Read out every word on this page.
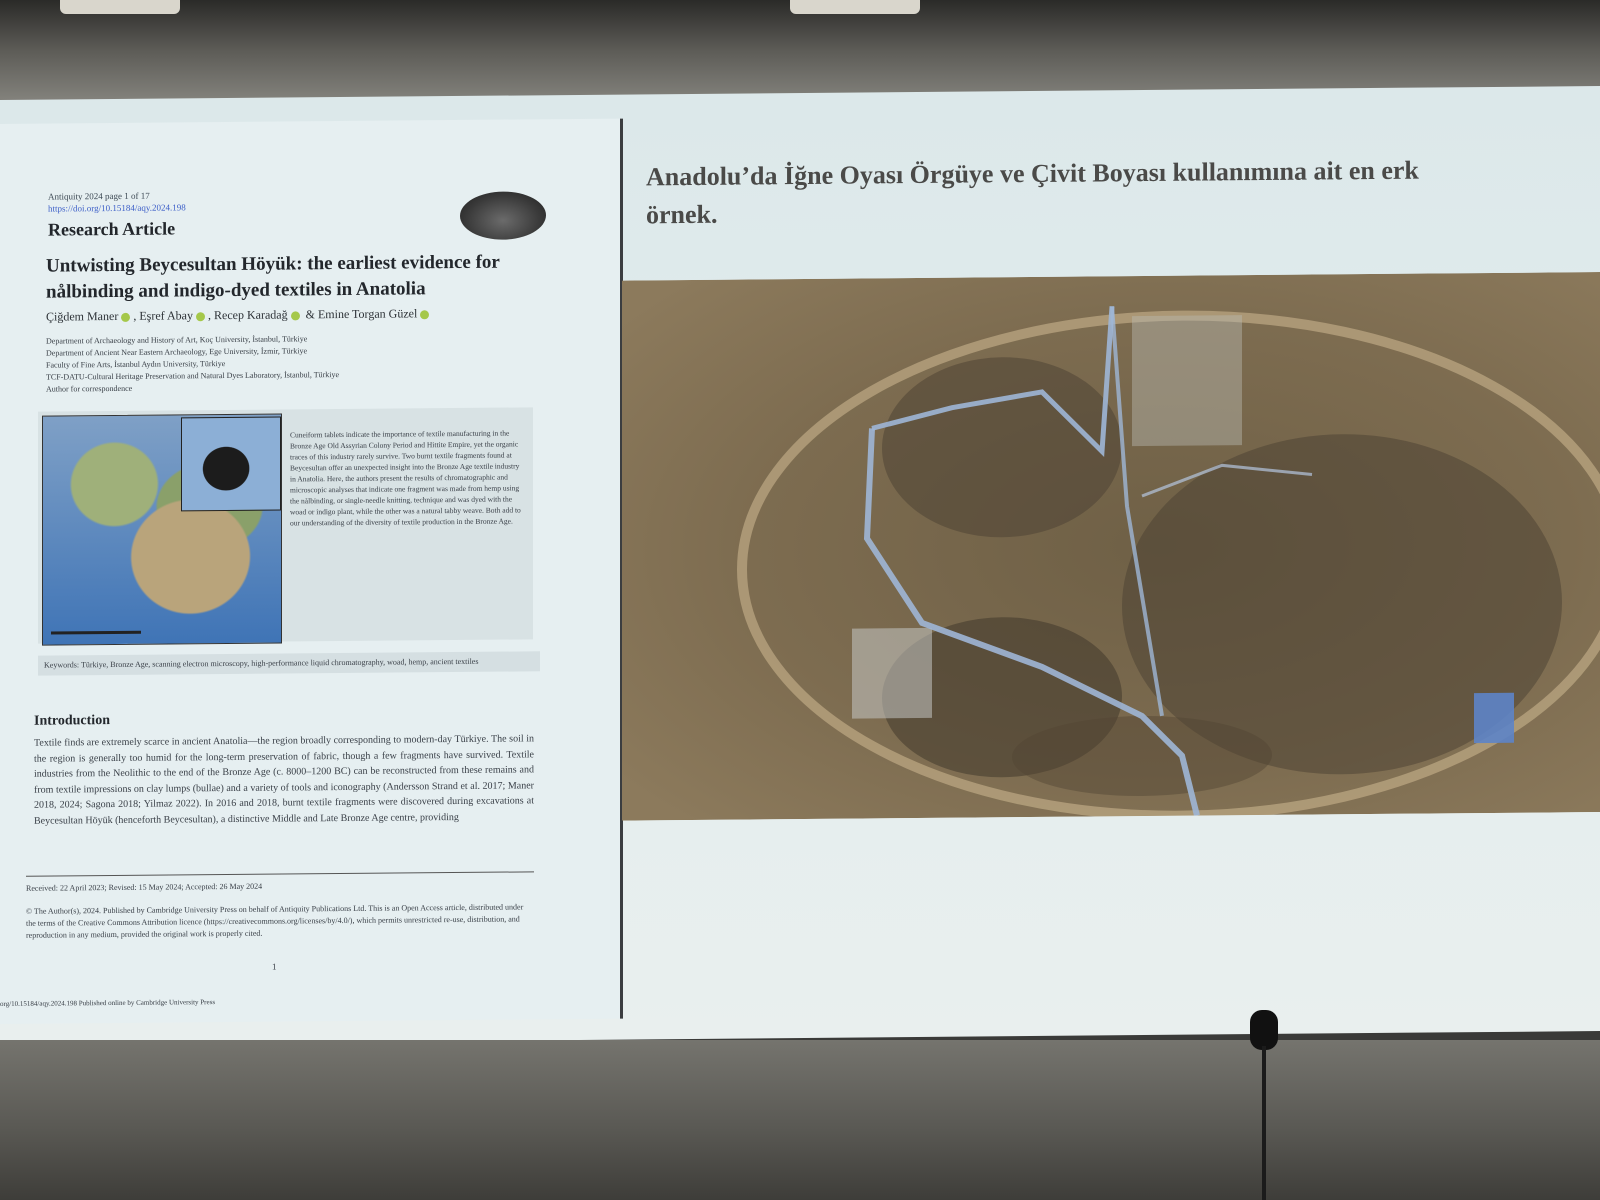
Antiquity 2024 page 1 of 17
https://doi.org/10.15184/aqy.2024.198
Research Article
Untwisting Beycesultan Höyük: the earliest evidence for nålbinding and indigo-dyed textiles in Anatolia
Çiğdem Maner , Eşref Abay , Recep Karadağ & Emine Torgan Güzel
Department of Archaeology and History of Art, Koç University, İstanbul, Türkiye
Department of Ancient Near Eastern Archaeology, Ege University, İzmir, Türkiye
Faculty of Fine Arts, İstanbul Aydın University, Türkiye
TCF-DATU-Cultural Heritage Preservation and Natural Dyes Laboratory, İstanbul, Türkiye
Author for correspondence
Cuneiform tablets indicate the importance of textile manufacturing in the Bronze Age Old Assyrian Colony Period and Hittite Empire, yet the organic traces of this industry rarely survive. Two burnt textile fragments found at Beycesultan offer an unexpected insight into the Bronze Age textile industry in Anatolia. Here, the authors present the results of chromatographic and microscopic analyses that indicate one fragment was made from hemp using the nålbinding, or single-needle knitting, technique and was dyed with the woad or indigo plant, while the other was a natural tabby weave. Both add to our understanding of the diversity of textile production in the Bronze Age.
Keywords: Türkiye, Bronze Age, scanning electron microscopy, high-performance liquid chromatography, woad, hemp, ancient textiles
Introduction
Textile finds are extremely scarce in ancient Anatolia—the region broadly corresponding to modern-day Türkiye. The soil in the region is generally too humid for the long-term preservation of fabric, though a few fragments have survived. Textile industries from the Neolithic to the end of the Bronze Age (c. 8000–1200 BC) can be reconstructed from these remains and from textile impressions on clay lumps (bullae) and a variety of tools and iconography (Andersson Strand et al. 2017; Maner 2018, 2024; Sagona 2018; Yilmaz 2022). In 2016 and 2018, burnt textile fragments were discovered during excavations at Beycesultan Höyük (henceforth Beycesultan), a distinctive Middle and Late Bronze Age centre, providing
Received: 22 April 2023; Revised: 15 May 2024; Accepted: 26 May 2024
© The Author(s), 2024. Published by Cambridge University Press on behalf of Antiquity Publications Ltd. This is an Open Access article, distributed under the terms of the Creative Commons Attribution licence (https://creativecommons.org/licenses/by/4.0/), which permits unrestricted re-use, distribution, and reproduction in any medium, provided the original work is properly cited.
1
org/10.15184/aqy.2024.198 Published online by Cambridge University Press
Anadolu’da İğne Oyası Örgüye ve Çivit Boyası kullanımına ait en erk
örnek.
